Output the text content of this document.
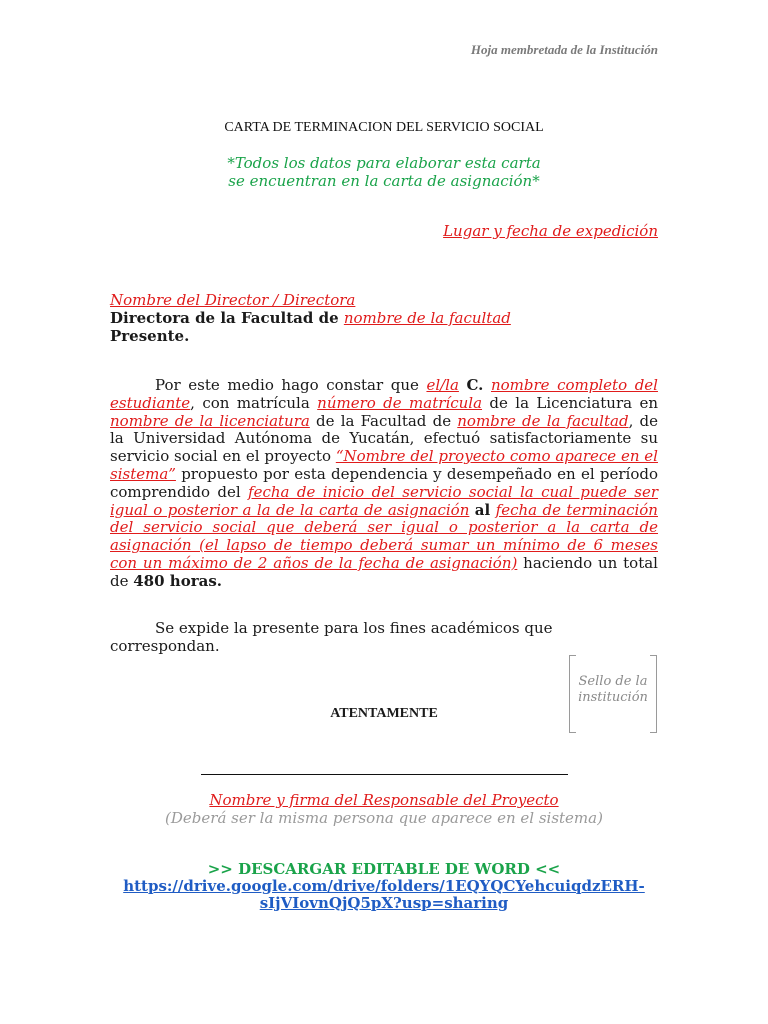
Hoja membretada de la Institución
CARTA DE TERMINACION DEL SERVICIO SOCIAL
*Todos los datos para elaborar esta carta
se encuentran en la carta de asignación*
Lugar y fecha de expedición
Nombre del Director / Directora
Directora de la Facultad de nombre de la facultad
Presente.
Por este medio hago constar que el/la C. nombre completo del estudiante, con matrícula número de matrícula de la Licenciatura en nombre de la licenciatura de la Facultad de nombre de la facultad, de la Universidad Autónoma de Yucatán, efectuó satisfactoriamente su servicio social en el proyecto “Nombre del proyecto como aparece en el sistema” propuesto por esta dependencia y desempeñado en el período comprendido del fecha de inicio del servicio social la cual puede ser igual o posterior a la de la carta de asignación al fecha de terminación del servicio social que deberá ser igual o posterior a la carta de asignación (el lapso de tiempo deberá sumar un mínimo de 6 meses con un máximo de 2 años de la fecha de asignación) haciendo un total de 480 horas.
Se expide la presente para los fines académicos que correspondan.
Sello de la
institución
ATENTAMENTE
Nombre y firma del Responsable del Proyecto
(Deberá ser la misma persona que aparece en el sistema)
>> DESCARGAR EDITABLE DE WORD <<
https://drive.google.com/drive/folders/1EQYQCYehcuiqdzERH-
sIjVIovnQjQ5pX?usp=sharing
